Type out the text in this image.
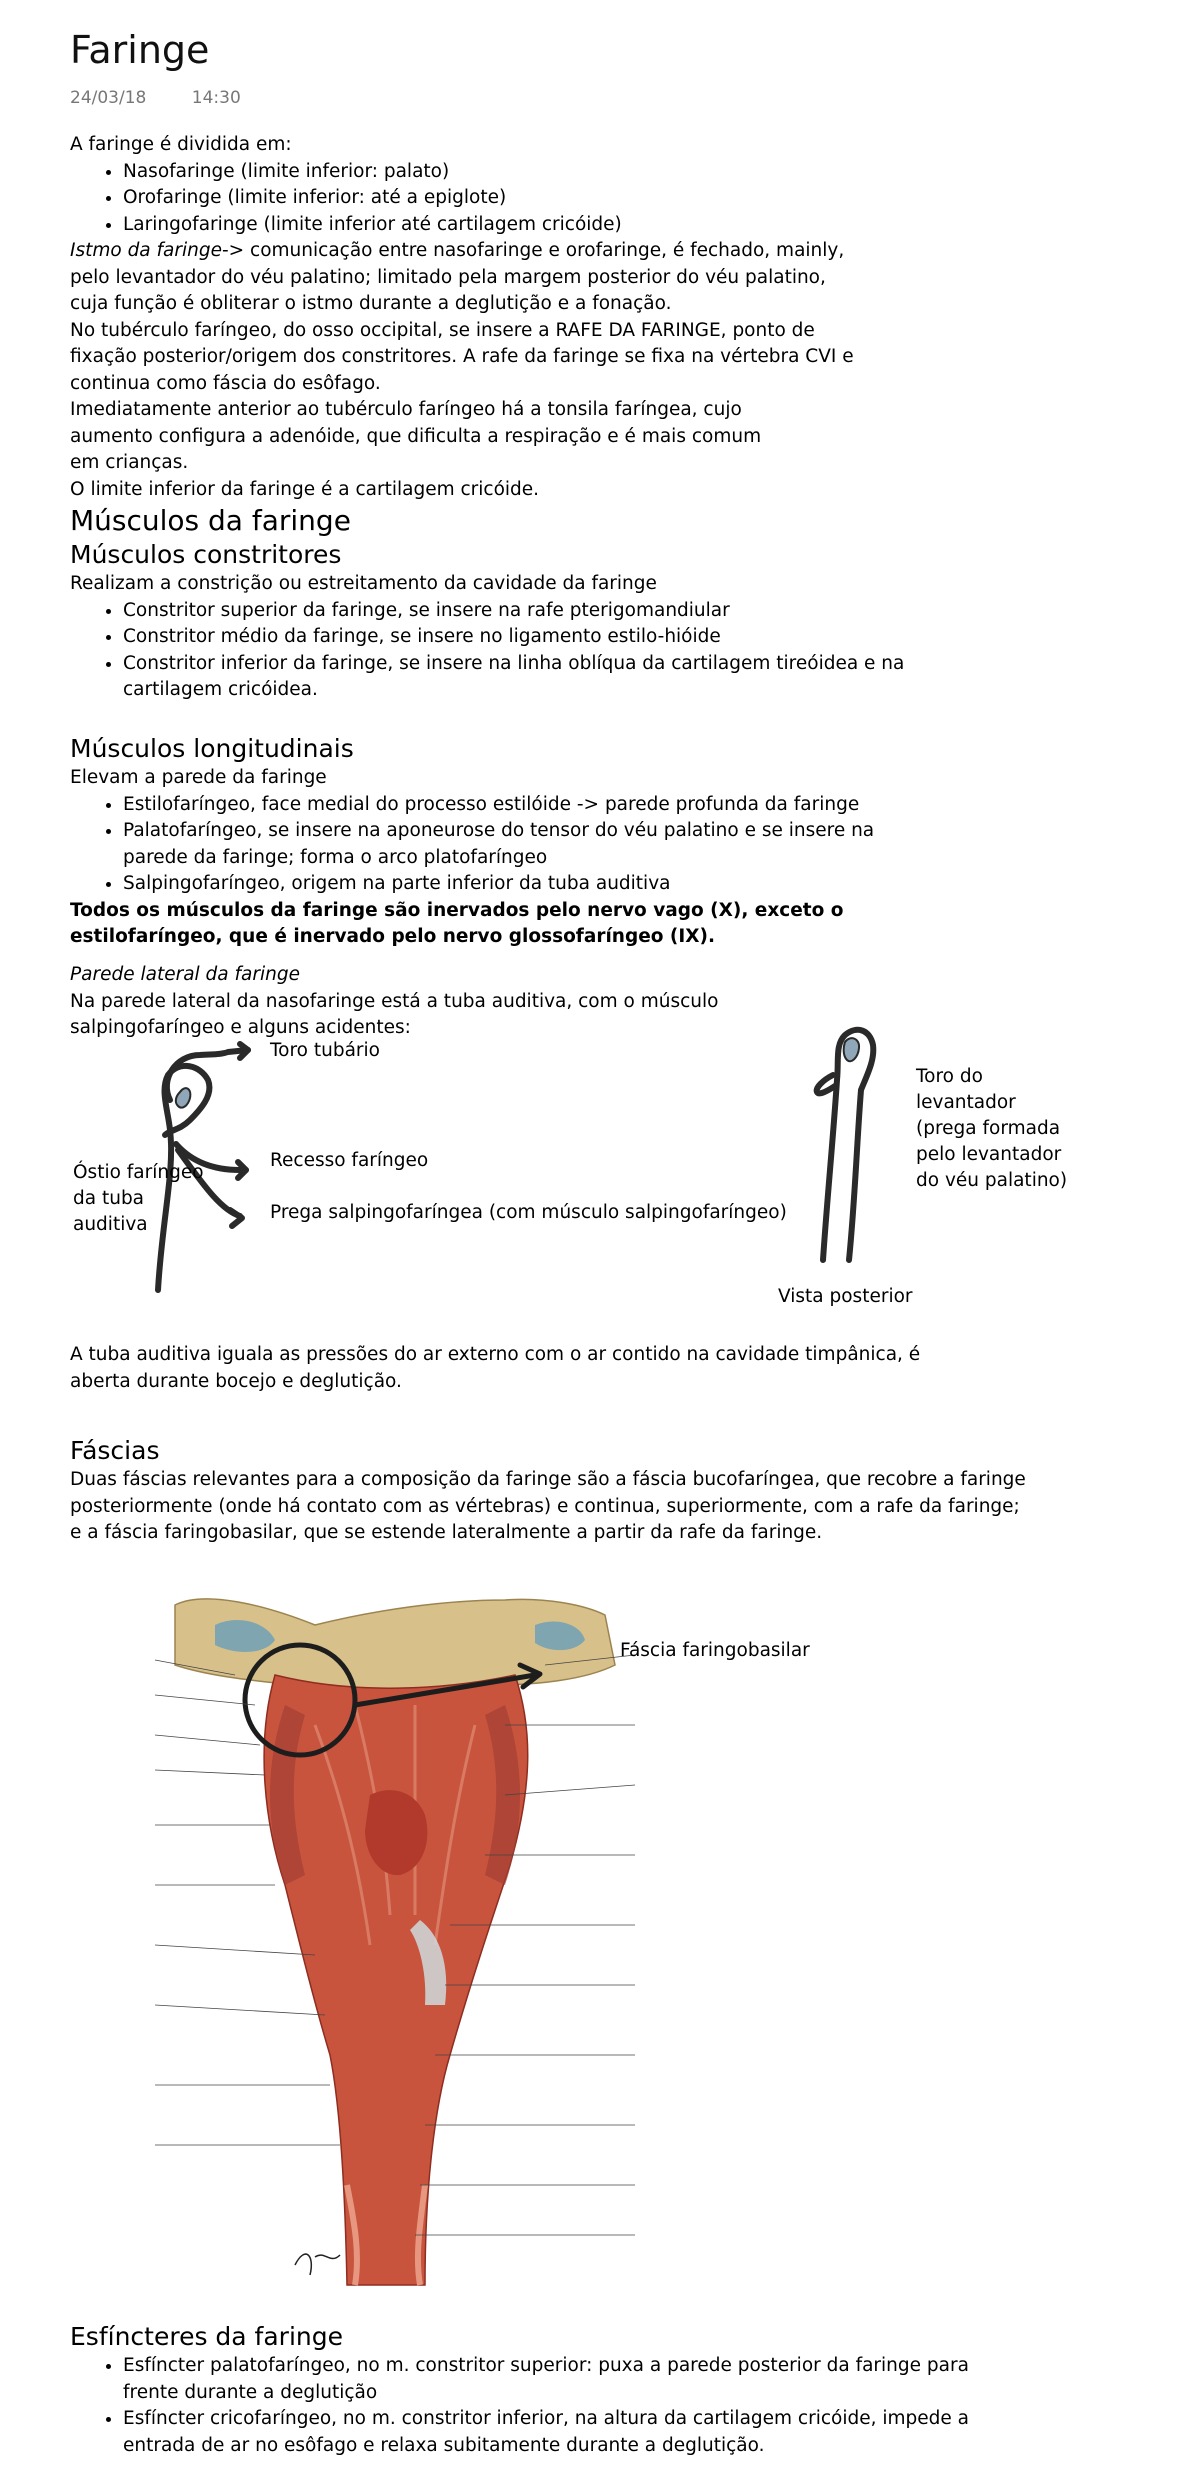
Faringe
24/03/18	14:30

A faringe é dividida em:

• Nasofaringe (limite inferior: palato)
• Orofaringe (limite inferior: até a epiglote)
• Laringofaringe (limite inferior até cartilagem cricóide)

Istmo da faringe-> comunicação entre nasofaringe e orofaringe, é fechado, mainly, pelo levantador do véu palatino; limitado pela margem posterior do véu palatino, cuja função é obliterar o istmo durante a deglutição e a fonação.

No tubérculo faríngeo, do osso occipital, se insere a RAFE DA FARINGE, ponto de fixação posterior/origem dos constritores. A rafe da faringe se fixa na vértebra CVI e continua como fáscia do esôfago.

Imediatamente anterior ao tubérculo faríngeo há a tonsila faríngea, cujo aumento configura a adenóide, que dificulta a respiração e é mais comum em crianças.

O limite inferior da faringe é a cartilagem cricóide.

Músculos da faringe
Músculos constritores

Realizam a constrição ou estreitamento da cavidade da faringe

• Constritor superior da faringe, se insere na rafe pterigomandiular
• Constritor médio da faringe, se insere no ligamento estilo-hióide
• Constritor inferior da faringe, se insere na linha oblíqua da cartilagem tireóidea e na cartilagem cricóidea.
Músculos longitudinais

Elevam a parede da faringe

• Estilofaríngeo, face medial do processo estilóide -> parede profunda da faringe
• Palatofaríngeo, se insere na aponeurose do tensor do véu palatino e se insere na parede da faringe; forma o arco platofaríngeo
• Salpingofaríngeo, origem na parte inferior da tuba auditiva

Todos os músculos da faringe são inervados pelo nervo vago (X), exceto o estilofaríngeo, que é inervado pelo nervo glossofaríngeo (IX).

Parede lateral da faringe

Na parede lateral da nasofaringe está a tuba auditiva, com o músculo salpingofaríngeo e alguns acidentes:

Toro tubário
Recesso faríngeo
Prega salpingofaríngea (com músculo salpingofaríngeo)
Óstio faríngeo
da tuba
auditiva
Toro do
levantador
(prega formada
pelo levantador
do véu palatino)
Vista posterior

A tuba auditiva iguala as pressões do ar externo com o ar contido na cavidade timpânica, é aberta durante bocejo e deglutição.

Fáscias

Duas fáscias relevantes para a composição da faringe são a fáscia bucofaríngea, que recobre a faringe posteriormente (onde há contato com as vértebras) e continua, superiormente, com a rafe da faringe; e a fáscia faringobasilar, que se estende lateralmente a partir da rafe da faringe.

Fáscia faringobasilar
Esfíncteres da faringe
• Esfíncter palatofaríngeo, no m. constritor superior: puxa a parede posterior da faringe para frente durante a deglutição
• Esfíncter cricofaríngeo, no m. constritor inferior, na altura da cartilagem cricóide, impede a entrada de ar no esôfago e relaxa subitamente durante a deglutição.
